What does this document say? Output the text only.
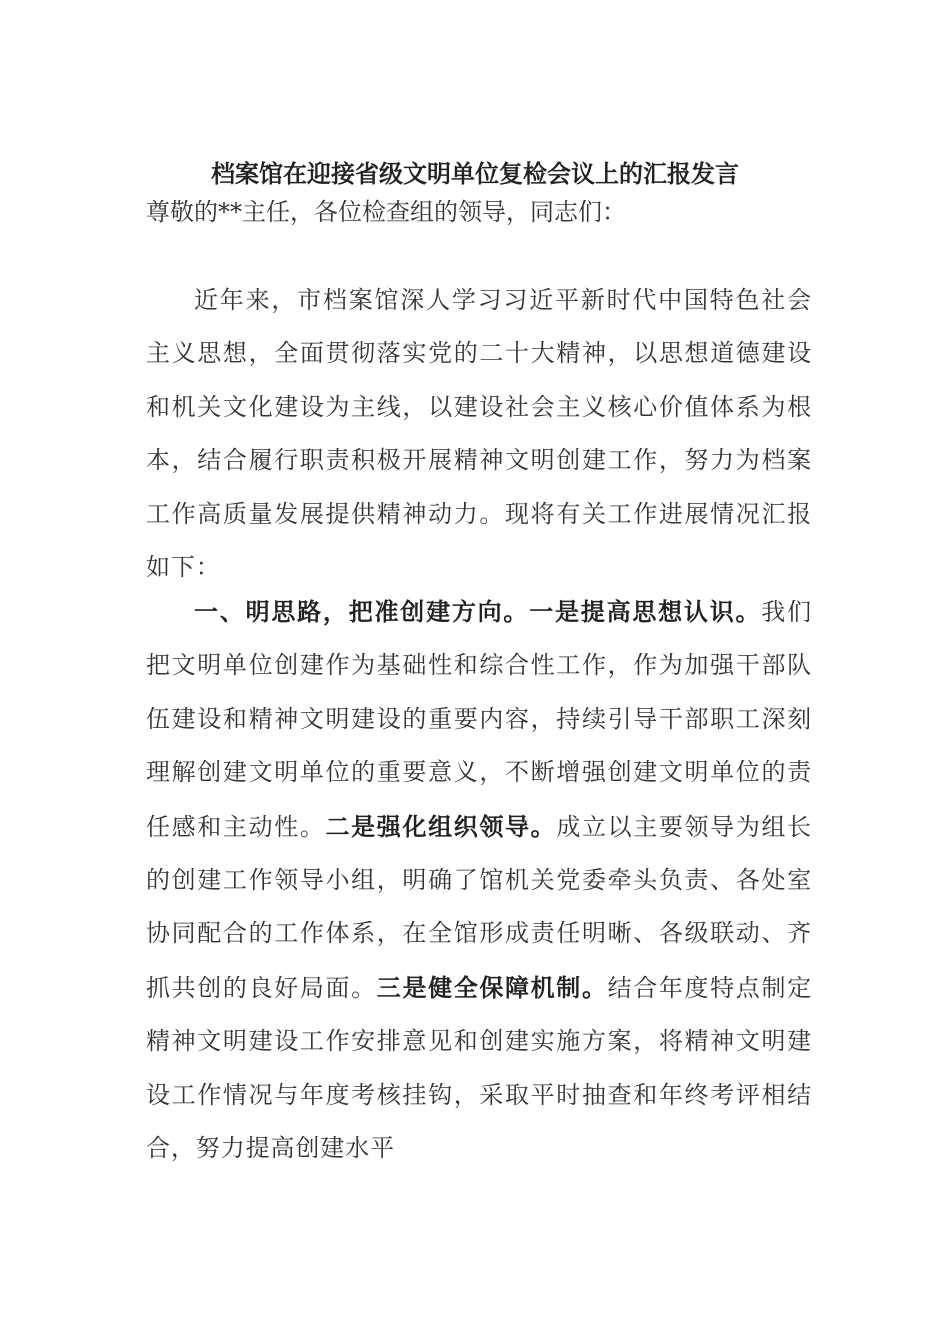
档案馆在迎接省级文明单位复检会议上的汇报发言

尊敬的**主任，各位检查组的领导，同志们：

近年来，市档案馆深人学习习近平新时代中国特色社会主义思想，全面贯彻落实党的二十大精神，以思想道德建设和机关文化建设为主线，以建设社会主义核心价值体系为根本，结合履行职责积极开展精神文明创建工作，努力为档案工作高质量发展提供精神动力。现将有关工作进展情况汇报如下：

一、明思路，把准创建方向。一是提高思想认识。我们把文明单位创建作为基础性和综合性工作，作为加强干部队伍建设和精神文明建设的重要内容，持续引导干部职工深刻理解创建文明单位的重要意义，不断增强创建文明单位的责任感和主动性。二是强化组织领导。成立以主要领导为组长的创建工作领导小组，明确了馆机关党委牵头负责、各处室协同配合的工作体系，在全馆形成责任明晰、各级联动、齐抓共创的良好局面。三是健全保障机制。结合年度特点制定精神文明建设工作安排意见和创建实施方案，将精神文明建设工作情况与年度考核挂钩，采取平时抽查和年终考评相结合，努力提高创建水平
